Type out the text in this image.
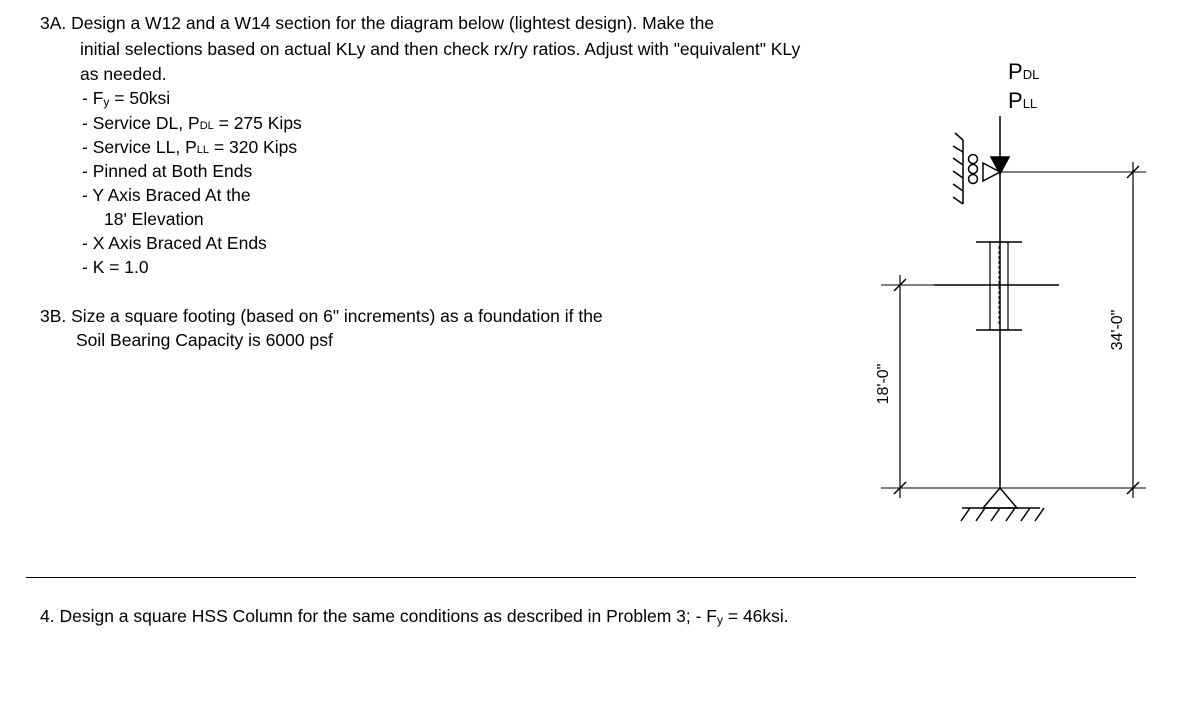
3A. Design a W12 and a W14 section for the diagram below (lightest design). Make the
initial selections based on actual KLy and then check rx/ry ratios. Adjust with "equivalent" KLy
as needed.
- Fy = 50ksi
- Service DL, PDL = 275 Kips
- Service LL, PLL = 320 Kips
- Pinned at Both Ends
- Y Axis Braced At the
18' Elevation
- X Axis Braced At Ends
- K = 1.0
3B. Size a square footing (based on 6" increments) as a foundation if the
Soil Bearing Capacity is 6000 psf
4. Design a square HSS Column for the same conditions as described in Problem 3; - Fy = 46ksi.
PDL
PLL
18'-0"
34'-0"
